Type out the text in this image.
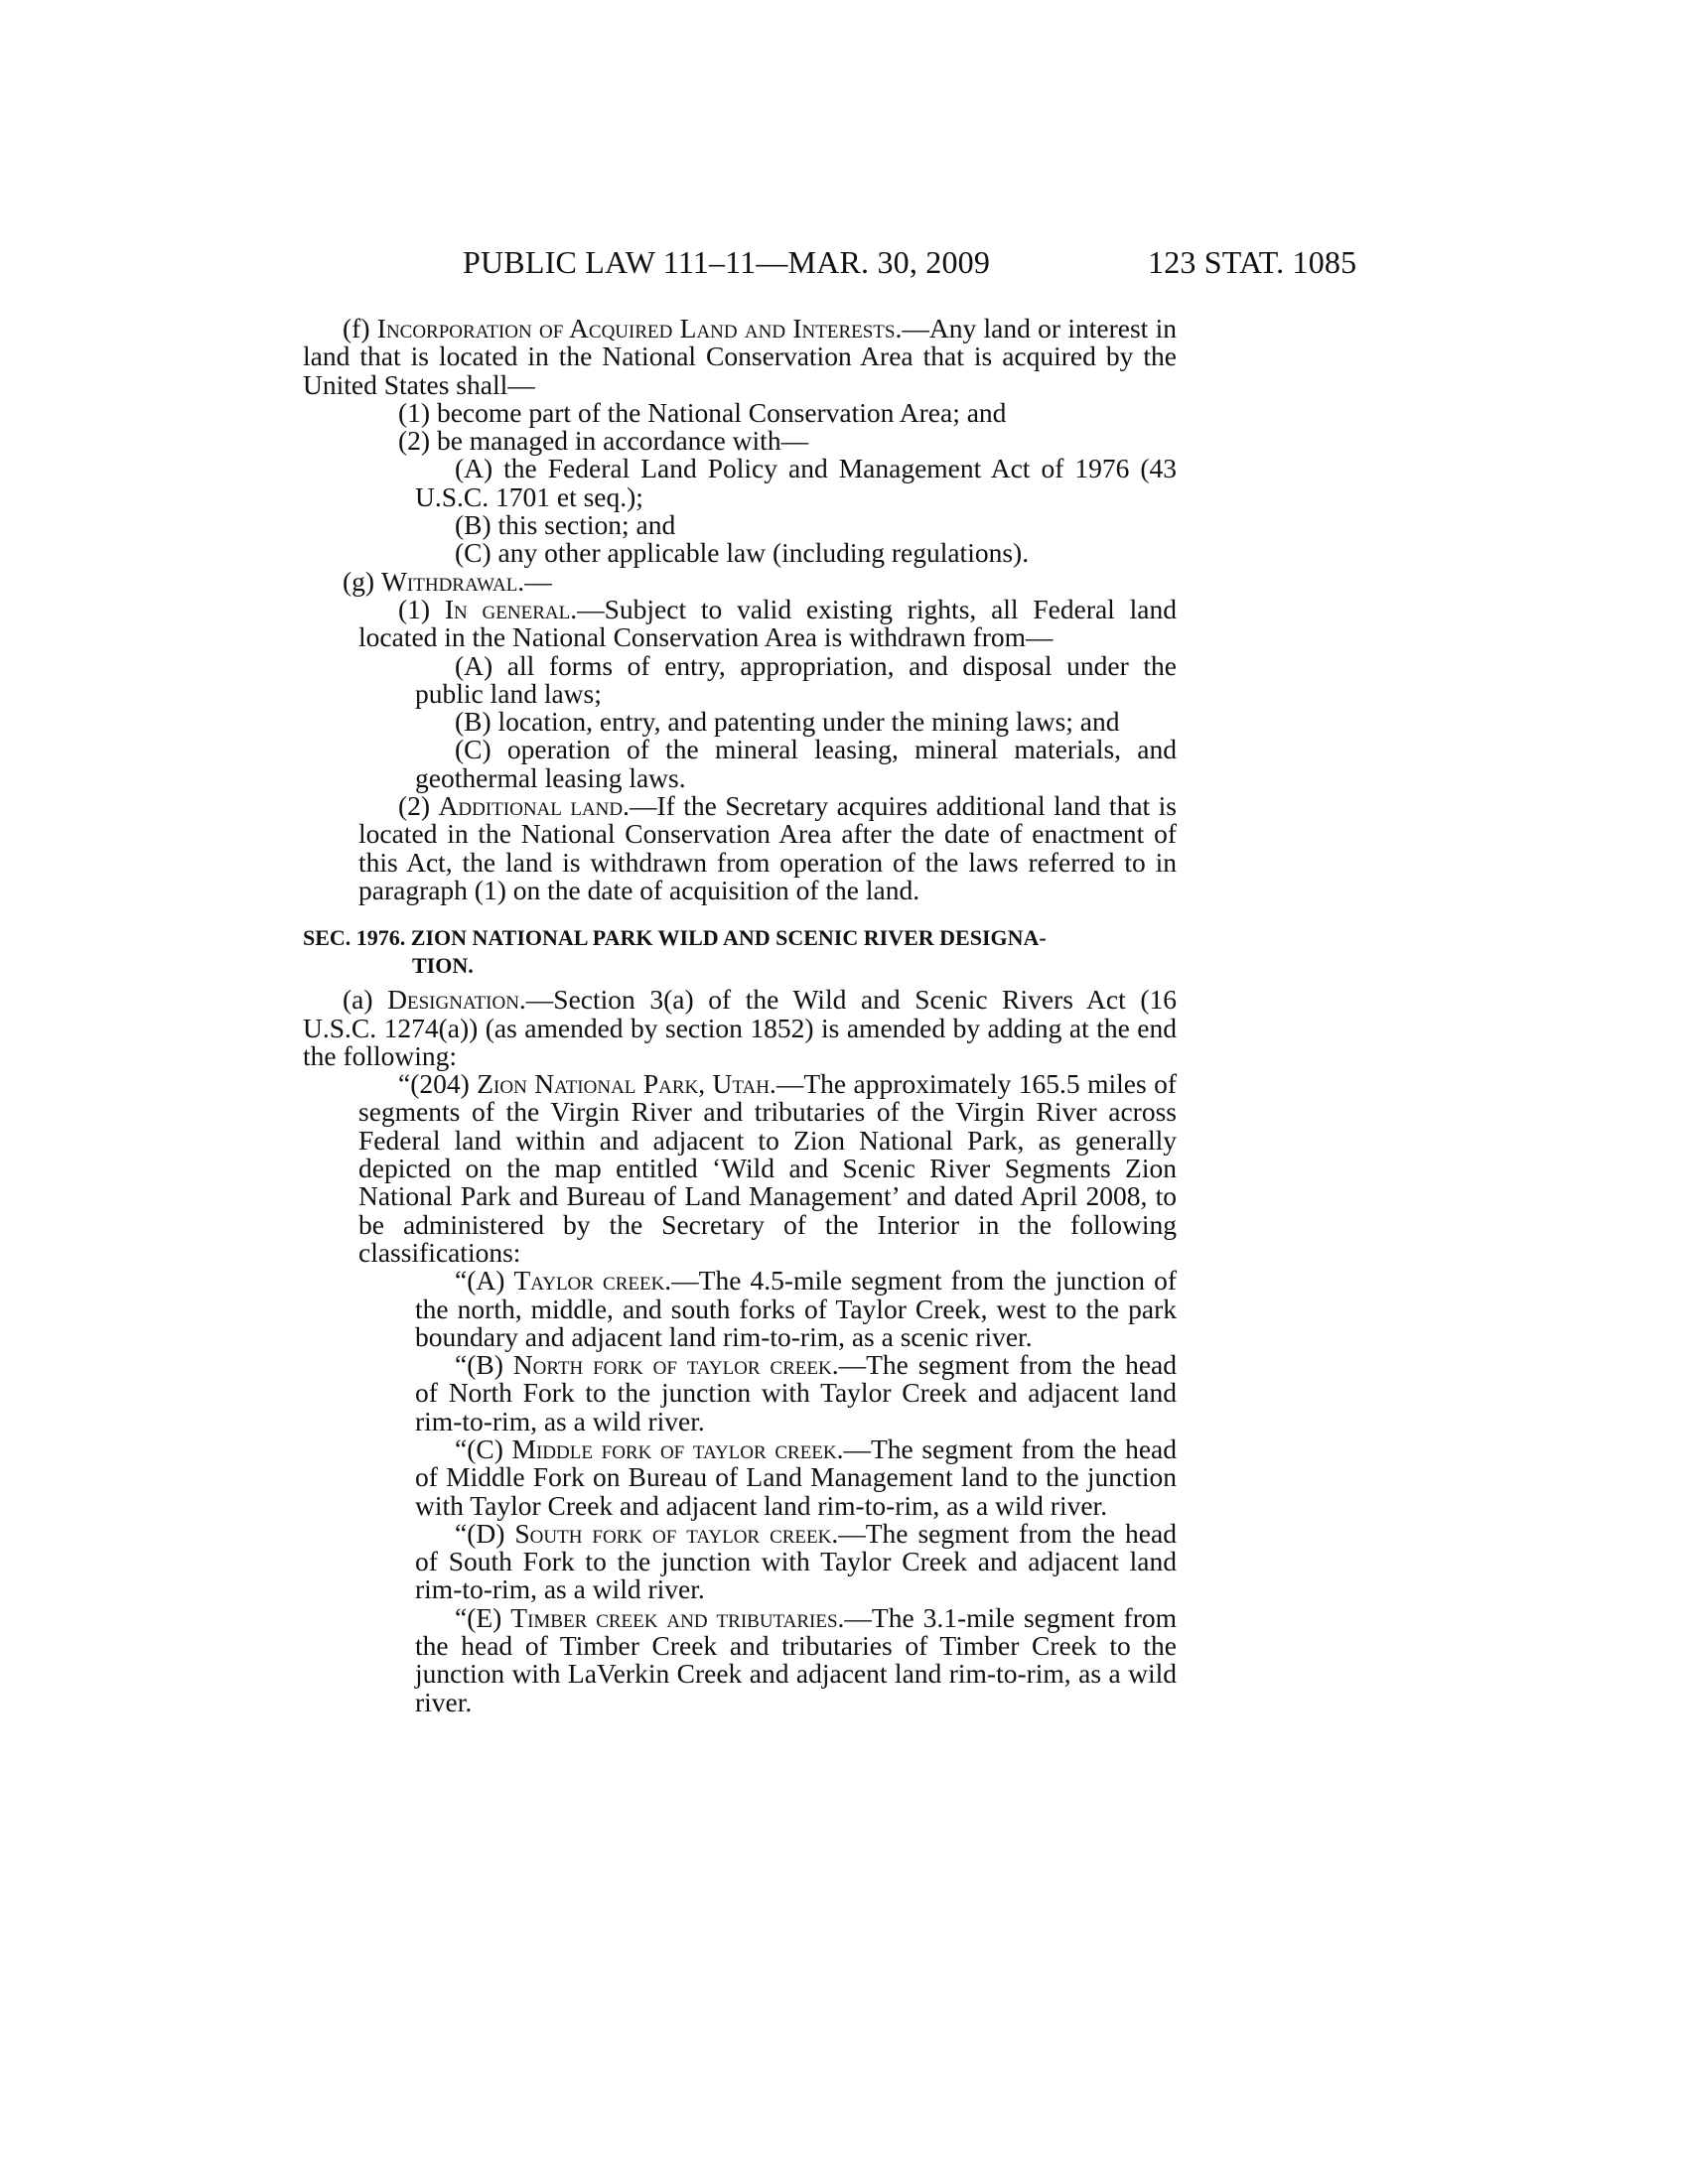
PUBLIC LAW 111–11—MAR. 30, 2009	123 STAT. 1085

(f) Incorporation of Acquired Land and Interests.—Any land or interest in land that is located in the National Conservation Area that is acquired by the United States shall—

(1) become part of the National Conservation Area; and

(2) be managed in accordance with—

(A) the Federal Land Policy and Management Act of 1976 (43 U.S.C. 1701 et seq.);

(B) this section; and

(C) any other applicable law (including regulations).

(g) Withdrawal.—

(1) In general.—Subject to valid existing rights, all Federal land located in the National Conservation Area is withdrawn from—

(A) all forms of entry, appropriation, and disposal under the public land laws;

(B) location, entry, and patenting under the mining laws; and

(C) operation of the mineral leasing, mineral materials, and geothermal leasing laws.

(2) Additional land.—If the Secretary acquires additional land that is located in the National Conservation Area after the date of enactment of this Act, the land is withdrawn from operation of the laws referred to in paragraph (1) on the date of acquisition of the land.

SEC. 1976. ZION NATIONAL PARK WILD AND SCENIC RIVER DESIGNA-
TION.

(a) Designation.—Section 3(a) of the Wild and Scenic Rivers Act (16 U.S.C. 1274(a)) (as amended by section 1852) is amended by adding at the end the following:

“(204) Zion National Park, Utah.—The approximately 165.5 miles of segments of the Virgin River and tributaries of the Virgin River across Federal land within and adjacent to Zion National Park, as generally depicted on the map entitled ‘Wild and Scenic River Segments Zion National Park and Bureau of Land Management’ and dated April 2008, to be administered by the Secretary of the Interior in the following classifications:

“(A) Taylor creek.—The 4.5-mile segment from the junction of the north, middle, and south forks of Taylor Creek, west to the park boundary and adjacent land rim-to-rim, as a scenic river.

“(B) North fork of taylor creek.—The segment from the head of North Fork to the junction with Taylor Creek and adjacent land rim-to-rim, as a wild river.

“(C) Middle fork of taylor creek.—The segment from the head of Middle Fork on Bureau of Land Management land to the junction with Taylor Creek and adjacent land rim-to-rim, as a wild river.

“(D) South fork of taylor creek.—The segment from the head of South Fork to the junction with Taylor Creek and adjacent land rim-to-rim, as a wild river.

“(E) Timber creek and tributaries.—The 3.1-mile segment from the head of Timber Creek and tributaries of Timber Creek to the junction with LaVerkin Creek and adjacent land rim-to-rim, as a wild river.
